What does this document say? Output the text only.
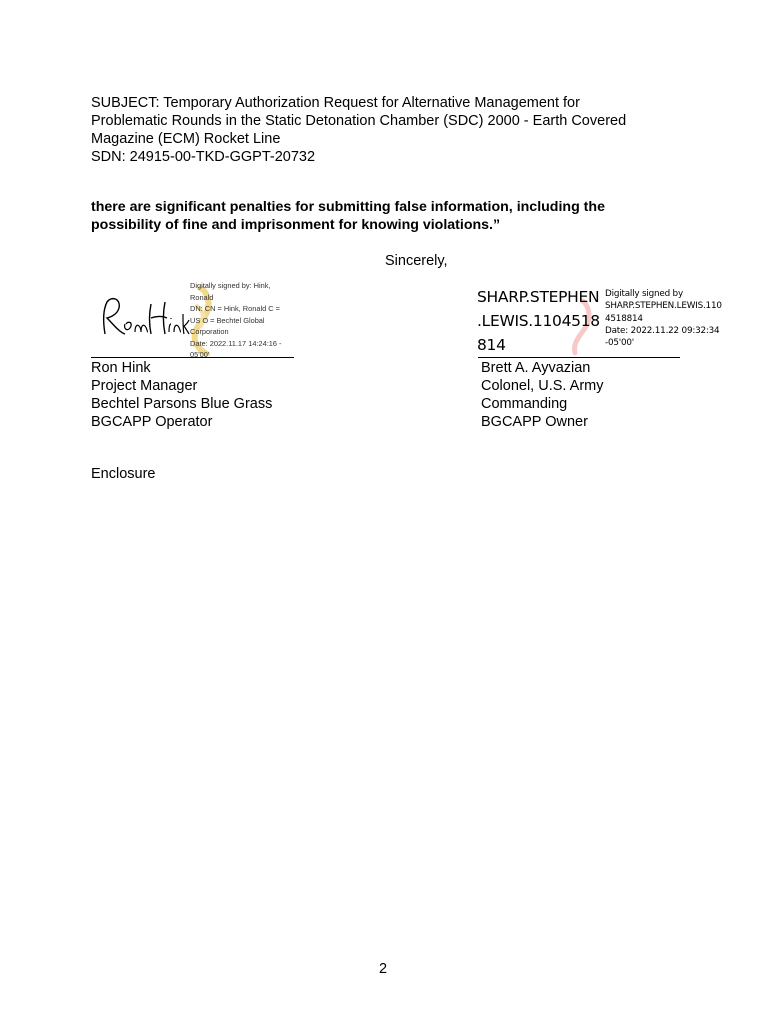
SUBJECT: Temporary Authorization Request for Alternative Management for
Problematic Rounds in the Static Detonation Chamber (SDC) 2000 - Earth Covered
Magazine (ECM) Rocket Line
SDN: 24915-00-TKD-GGPT-20732
there are significant penalties for submitting false information, including the
possibility of fine and imprisonment for knowing violations.”
Sincerely,
Digitally signed by: Hink,
Ronald
DN: CN = Hink, Ronald C =
US O = Bechtel Global
Corporation
Date: 2022.11.17 14:24:16 -
05'00'
SHARP.STEPHEN
.LEWIS.1104518
814
Digitally signed by
SHARP.STEPHEN.LEWIS.110
4518814
Date: 2022.11.22 09:32:34
-05'00'
Ron Hink
Project Manager
Bechtel Parsons Blue Grass
BGCAPP Operator
Brett A. Ayvazian
Colonel, U.S. Army
Commanding
BGCAPP Owner
Enclosure
2
